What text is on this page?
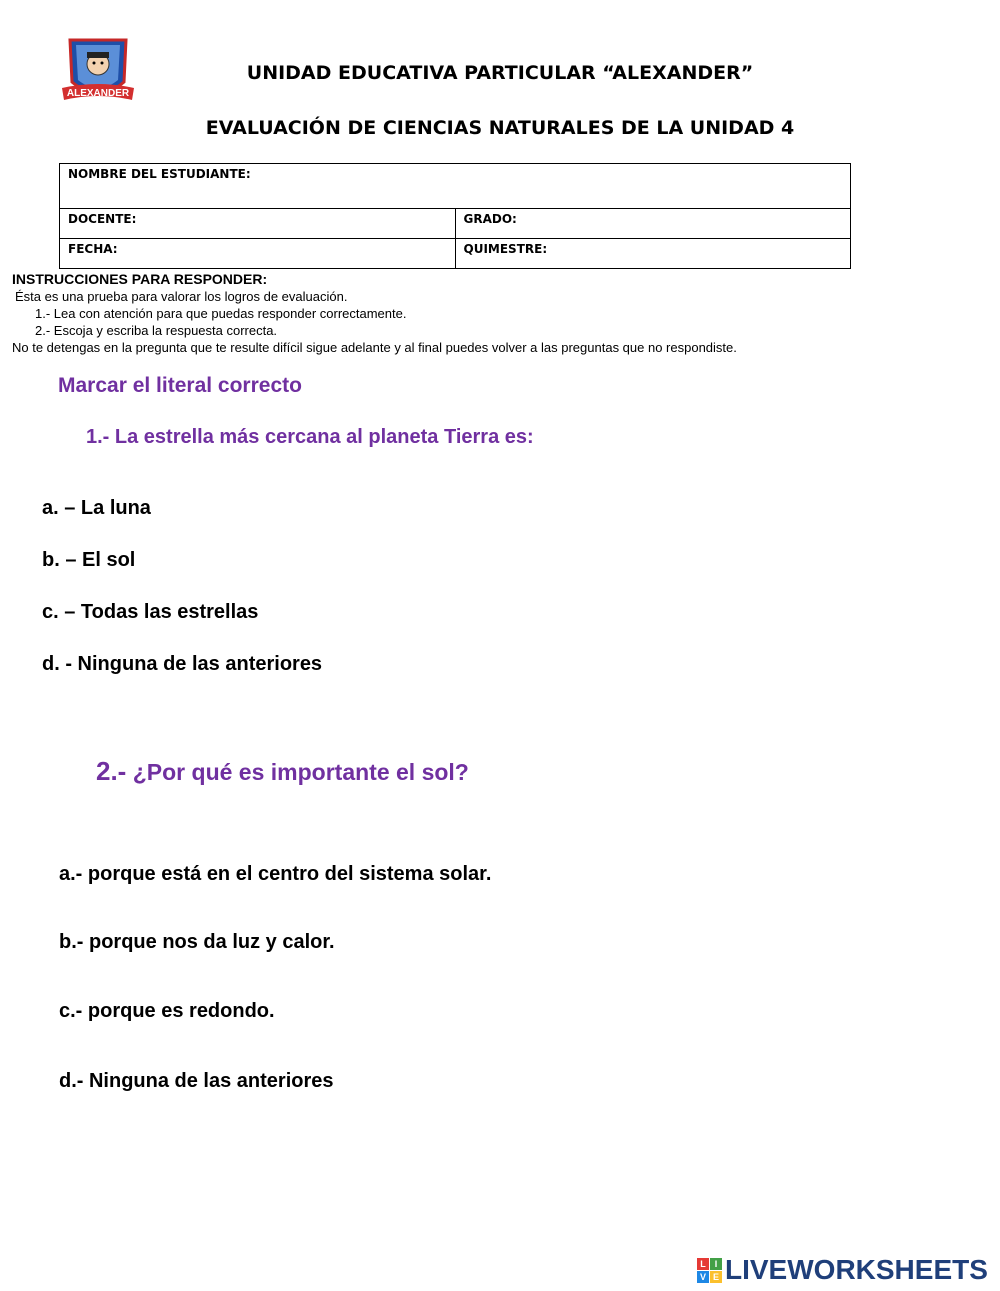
ALEXANDER
UNIDAD EDUCATIVA PARTICULAR “ALEXANDER”
EVALUACIÓN DE CIENCIAS NATURALES DE LA UNIDAD 4
NOMBRE DEL ESTUDIANTE:	
DOCENTE:	GRADO:
FECHA:	QUIMESTRE:
INSTRUCCIONES PARA RESPONDER:
Ésta es una prueba para valorar los logros de evaluación.
1.- Lea con atención para que puedas responder correctamente.
2.- Escoja y escriba la respuesta correcta.
No te detengas en la pregunta que te resulte difícil sigue adelante y al final puedes volver a las preguntas que no respondiste.
Marcar el literal correcto
1.- La estrella más cercana al planeta Tierra es:
a. – La luna
b. – El sol
c. – Todas las estrellas
d. - Ninguna de las anteriores
2.- ¿Por qué es importante el sol?
a.- porque está en el centro del sistema solar.
b.- porque nos da luz y calor.
c.- porque es redondo.
d.- Ninguna de las anteriores
L I
V E LIVEWORKSHEETS
